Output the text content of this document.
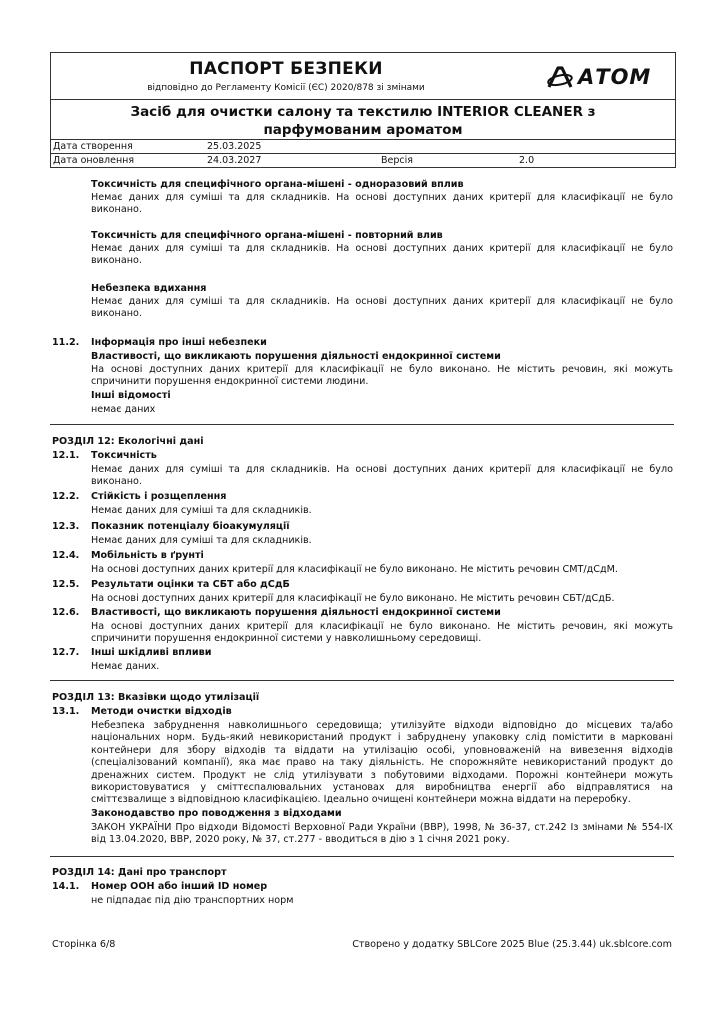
ПАСПОРТ БЕЗПЕКИ
відповідно до Регламенту Комісії (ЄС) 2020/878 зі змінами	АТОМ
Засіб для очистки салону та текстилю INTERIOR CLEANER з
парфумованим ароматом
Дата створення	25.03.2025
Дата оновлення	24.03.2027	Версія	2.0
Токсичність для специфічного органа-мішені - одноразовий вплив
Немає даних для суміші та для складників. На основі доступних даних критерії для класифікації не було
виконано.
Токсичність для специфічного органа-мішені - повторний влив
Немає даних для суміші та для складників. На основі доступних даних критерії для класифікації не було
виконано.
Небезпека вдихання
Немає даних для суміші та для складників. На основі доступних даних критерії для класифікації не було
виконано.
11.2. Інформація про інші небезпеки
Властивості, що викликають порушення діяльності ендокринної системи
На основі доступних даних критерії для класифікації не було виконано. Не містить речовин, які можуть
спричинити порушення ендокринної системи людини.
Інші відомості
немає даних
РОЗДІЛ 12: Екологічні дані
12.1. Токсичність
Немає даних для суміші та для складників. На основі доступних даних критерії для класифікації не було
виконано.
12.2. Стійкість і розщеплення
Немає даних для суміші та для складників.
12.3. Показник потенціалу біоакумуляції
Немає даних для суміші та для складників.
12.4. Мобільність в ґрунті
На основі доступних даних критерії для класифікації не було виконано. Не містить речовин СМТ/дСдМ.
12.5. Результати оцінки та СБТ або дСдБ
На основі доступних даних критерії для класифікації не було виконано. Не містить речовин СБТ/дСдБ.
12.6. Властивості, що викликають порушення діяльності ендокринної системи
На основі доступних даних критерії для класифікації не було виконано. Не містить речовин, які можуть
спричинити порушення ендокринної системи у навколишньому середовищі.
12.7. Інші шкідливі впливи
Немає даних.
РОЗДІЛ 13: Вказівки щодо утилізації
13.1. Методи очистки відходів
Небезпека забруднення навколишнього середовища; утилізуйте відходи відповідно до місцевих та/або
національних норм. Будь-який невикористаний продукт і забруднену упаковку слід помістити в марковані
контейнери для збору відходів та віддати на утилізацію особі, уповноваженій на вивезення відходів
(спеціалізований компанії), яка має право на таку діяльність. Не спорожняйте невикористаний продукт до
дренажних систем. Продукт не слід утилізувати з побутовими відходами. Порожні контейнери можуть
використовуватися у сміттєспалювальних установах для виробництва енергії або відправлятися на
сміттєзвалище з відповідною класифікацією. Ідеально очищені контейнери можна віддати на переробку.
Законодавство про поводження з відходами
ЗАКОН УКРАЇНИ Про відходи Відомості Верховної Ради України (ВВР), 1998, № 36-37, ст.242 Із змінами № 554-IX
від 13.04.2020, ВВР, 2020 року, № 37, ст.277 - вводиться в дію з 1 січня 2021 року.
РОЗДІЛ 14: Дані про транспорт
14.1. Номер ООН або інший ID номер
не підпадає під дію транспортних норм
Сторінка 6/8	Створено у додатку SBLCore 2025 Blue (25.3.44) uk.sblcore.com
